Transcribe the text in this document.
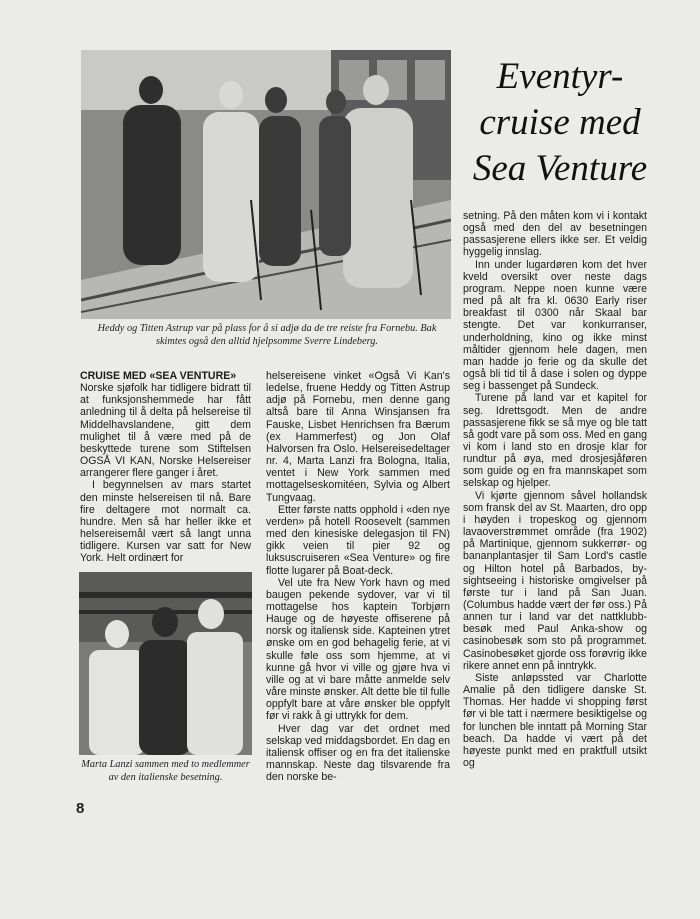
Heddy og Titten Astrup var på plass for å si adjø da de tre reiste fra Fornebu. Bak skimtes også den alltid hjelpsomme Sverre Lindeberg.
Eventyr-cruise med Sea Venture

CRUISE MED «SEA VENTURE»

Norske sjøfolk har tidligere bidratt til at funksjonshemmede har fått anledning til å delta på helsereise til Middelhavslandene, gitt dem mulighet til å være med på de beskyttede turene som Stiftelsen OGSÅ VI KAN, Norske Helsereiser arrangerer flere ganger i året.

I begynnelsen av mars startet den minste helsereisen til nå. Bare fire deltagere mot normalt ca. hundre. Men så har heller ikke et helsereisemål vært så langt unna tidligere. Kursen var satt for New York. Helt ordinært for

Marta Lanzi sammen med to medlemmer av den italienske besetning.

helsereisene vinket «Også Vi Kan's ledelse, fruene Heddy og Titten Astrup adjø på Fornebu, men denne gang altså bare til Anna Winsjansen fra Fauske, Lisbet Henrichsen fra Bærum (ex Hammerfest) og Jon Olaf Halvorsen fra Oslo. Helsereisedeltager nr. 4, Marta Lanzi fra Bologna, Italia, ventet i New York sammen med mottagelseskomitéen, Sylvia og Albert Tungvaag.

Etter første natts opphold i «den nye verden» på hotell Roosevelt (sammen med den kinesiske delegasjon til FN) gikk veien til pier 92 og luksuscruiseren «Sea Venture» og fire flotte lugarer på Boat-deck.

Vel ute fra New York havn og med baugen pekende sydover, var vi til mottagelse hos kaptein Torbjørn Hauge og de høyeste offiserene på norsk og italiensk side. Kapteinen ytret ønske om en god behagelig ferie, at vi skulle føle oss som hjemme, at vi kunne gå hvor vi ville og gjøre hva vi ville og at vi bare måtte anmelde selv våre minste ønsker. Alt dette ble til fulle oppfylt bare at våre ønsker ble oppfylt før vi rakk å gi uttrykk for dem.

Hver dag var det ordnet med selskap ved middagsbordet. En dag en italiensk offiser og en fra det italienske mannskap. Neste dag tilsvarende fra den norske be-

setning. På den måten kom vi i kontakt også med den del av besetningen passasjerene ellers ikke ser. Et veldig hyggelig innslag.

Inn under lugardøren kom det hver kveld oversikt over neste dags program. Neppe noen kunne være med på alt fra kl. 0630 Early riser breakfast til 0300 når Skaal bar stengte. Det var konkurranser, underholdning, kino og ikke minst måltider gjennom hele dagen, men man hadde jo ferie og da skulle det også bli tid til å dase i solen og dyppe seg i bassenget på Sundeck.

Turene på land var et kapitel for seg. Idrettsgodt. Men de andre passasjerene fikk se så mye og ble tatt så godt vare på som oss. Med en gang vi kom i land sto en drosje klar for rundtur på øya, med drosjesjåføren som guide og en fra mannskapet som selskap og hjelper.

Vi kjørte gjennom såvel hollandsk som fransk del av St. Maarten, dro opp i høyden i tropeskog og gjennom lavaoverstrømmet område (fra 1902) på Martinique, gjennom sukkerrør- og bananplantasjer til Sam Lord's castle og Hilton hotel på Barbados, by-sightseeing i historiske omgivelser på første tur i land på San Juan. (Columbus hadde vært der før oss.) På annen tur i land var det nattklubb-besøk med Paul Anka-show og casinobesøk som sto på programmet. Casinobesøket gjorde oss forøvrig ikke rikere annet enn på inntrykk.

Siste anløpssted var Charlotte Amalie på den tidligere danske St. Thomas. Her hadde vi shopping først før vi ble tatt i nærmere besiktigelse og for lunchen ble inntatt på Morning Star beach. Da hadde vi vært på det høyeste punkt med en praktfull utsikt og

8
